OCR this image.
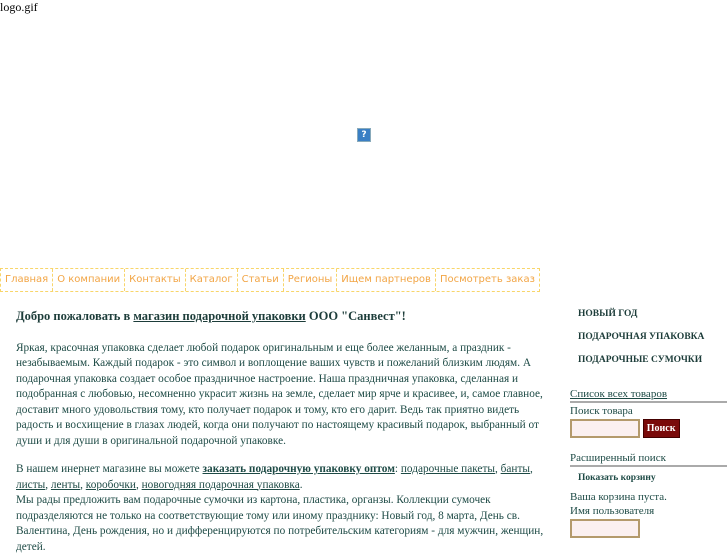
logo.gif
?
Главная О компании Контакты Каталог Статьи Регионы Ищем партнеров Посмотреть заказ
Добро пожаловать в магазин подарочной упаковки ООО "Санвест"!

Яркая, красочная упаковка сделает любой подарок оригинальным и еще более желанным, а праздник - незабываемым. Каждый подарок - это символ и воплощение ваших чувств и пожеланий близким людям. А подарочная упаковка создает особое праздничное настроение. Наша праздничная упаковка, сделанная и подобранная с любовью, несомненно украсит жизнь на земле, сделает мир ярче и красивее, и, самое главное, доставит много удовольствия тому, кто получает подарок и тому, кто его дарит. Ведь так приятно видеть радость и восхищение в глазах людей, когда они получают по настоящему красивый подарок, выбранный от души и для души в оригинальной подарочной упаковке.

В нашем инернет магазине вы можете заказать подарочную упаковку оптом: подарочные пакеты, банты, листы, ленты, коробочки, новогодняя подарочная упаковка.
Мы рады предложить вам подарочные сумочки из картона, пластика, органзы. Коллекции сумочек подразделяются не только на соответствующие тому или иному празднику: Новый год, 8 марта, День св. Валентина, День рождения, но и дифференцируются по потребительским категориям - для мужчин, женщин, детей.

НОВЫЙ ГОД
ПОДАРОЧНАЯ УПАКОВКА
ПОДАРОЧНЫЕ СУМОЧКИ
Список всех товаров
Поиск товара
Поиск
Расширенный поиск
Показать корзину
Ваша корзина пуста.
Имя пользователя
